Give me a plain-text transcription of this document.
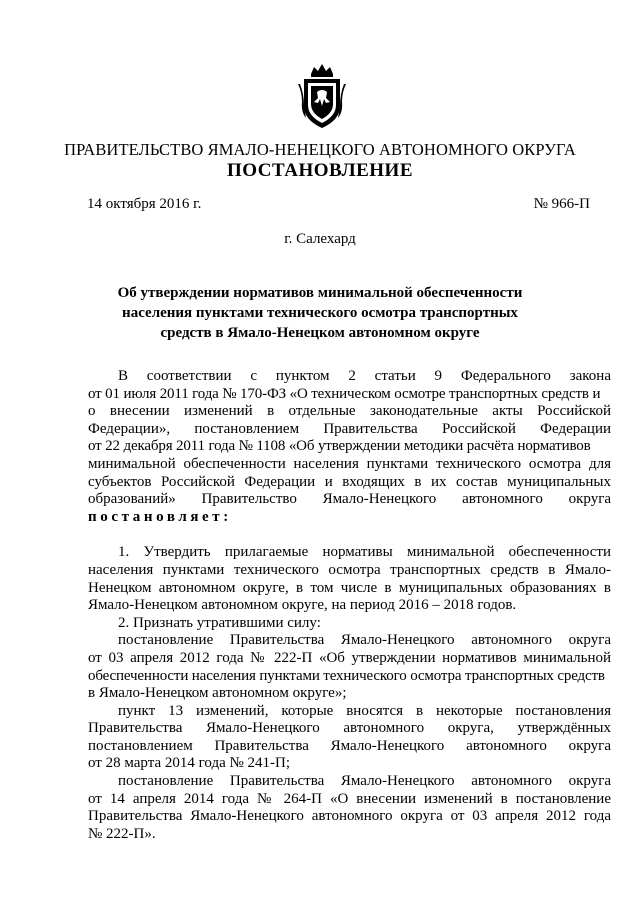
ПРАВИТЕЛЬСТВО ЯМАЛО-НЕНЕЦКОГО АВТОНОМНОГО ОКРУГА
ПОСТАНОВЛЕНИЕ
14 октября 2016 г.	№ 966-П
г. Салехард
Об утверждении нормативов минимальной обеспеченности
населения пунктами технического осмотра транспортных
средств в Ямало-Ненецком автономном округе
В соответствии с пунктом 2 статьи 9 Федерального закона
от 01 июля 2011 года № 170-ФЗ «О техническом осмотре транспортных средств и
о внесении изменений в отдельные законодательные акты Российской
Федерации», постановлением Правительства Российской Федерации
от 22 декабря 2011 года № 1108 «Об утверждении методики расчёта нормативов
минимальной обеспеченности населения пунктами технического осмотра для
субъектов Российской Федерации и входящих в их состав муниципальных
образований» Правительство Ямало-Ненецкого автономного округа
постановляет:
1. Утвердить прилагаемые нормативы минимальной обеспеченности
населения пунктами технического осмотра транспортных средств в Ямало-
Ненецком автономном округе, в том числе в муниципальных образованиях в
Ямало-Ненецком автономном округе, на период 2016 – 2018 годов.
2. Признать утратившими силу:
постановление Правительства Ямало-Ненецкого автономного округа
от 03 апреля 2012 года № 222-П «Об утверждении нормативов минимальной
обеспеченности населения пунктами технического осмотра транспортных средств
в Ямало-Ненецком автономном округе»;
пункт 13 изменений, которые вносятся в некоторые постановления
Правительства Ямало-Ненецкого автономного округа, утверждённых
постановлением Правительства Ямало-Ненецкого автономного округа
от 28 марта 2014 года № 241-П;
постановление Правительства Ямало-Ненецкого автономного округа
от 14 апреля 2014 года № 264-П «О внесении изменений в постановление
Правительства Ямало-Ненецкого автономного округа от 03 апреля 2012 года
№ 222-П».
